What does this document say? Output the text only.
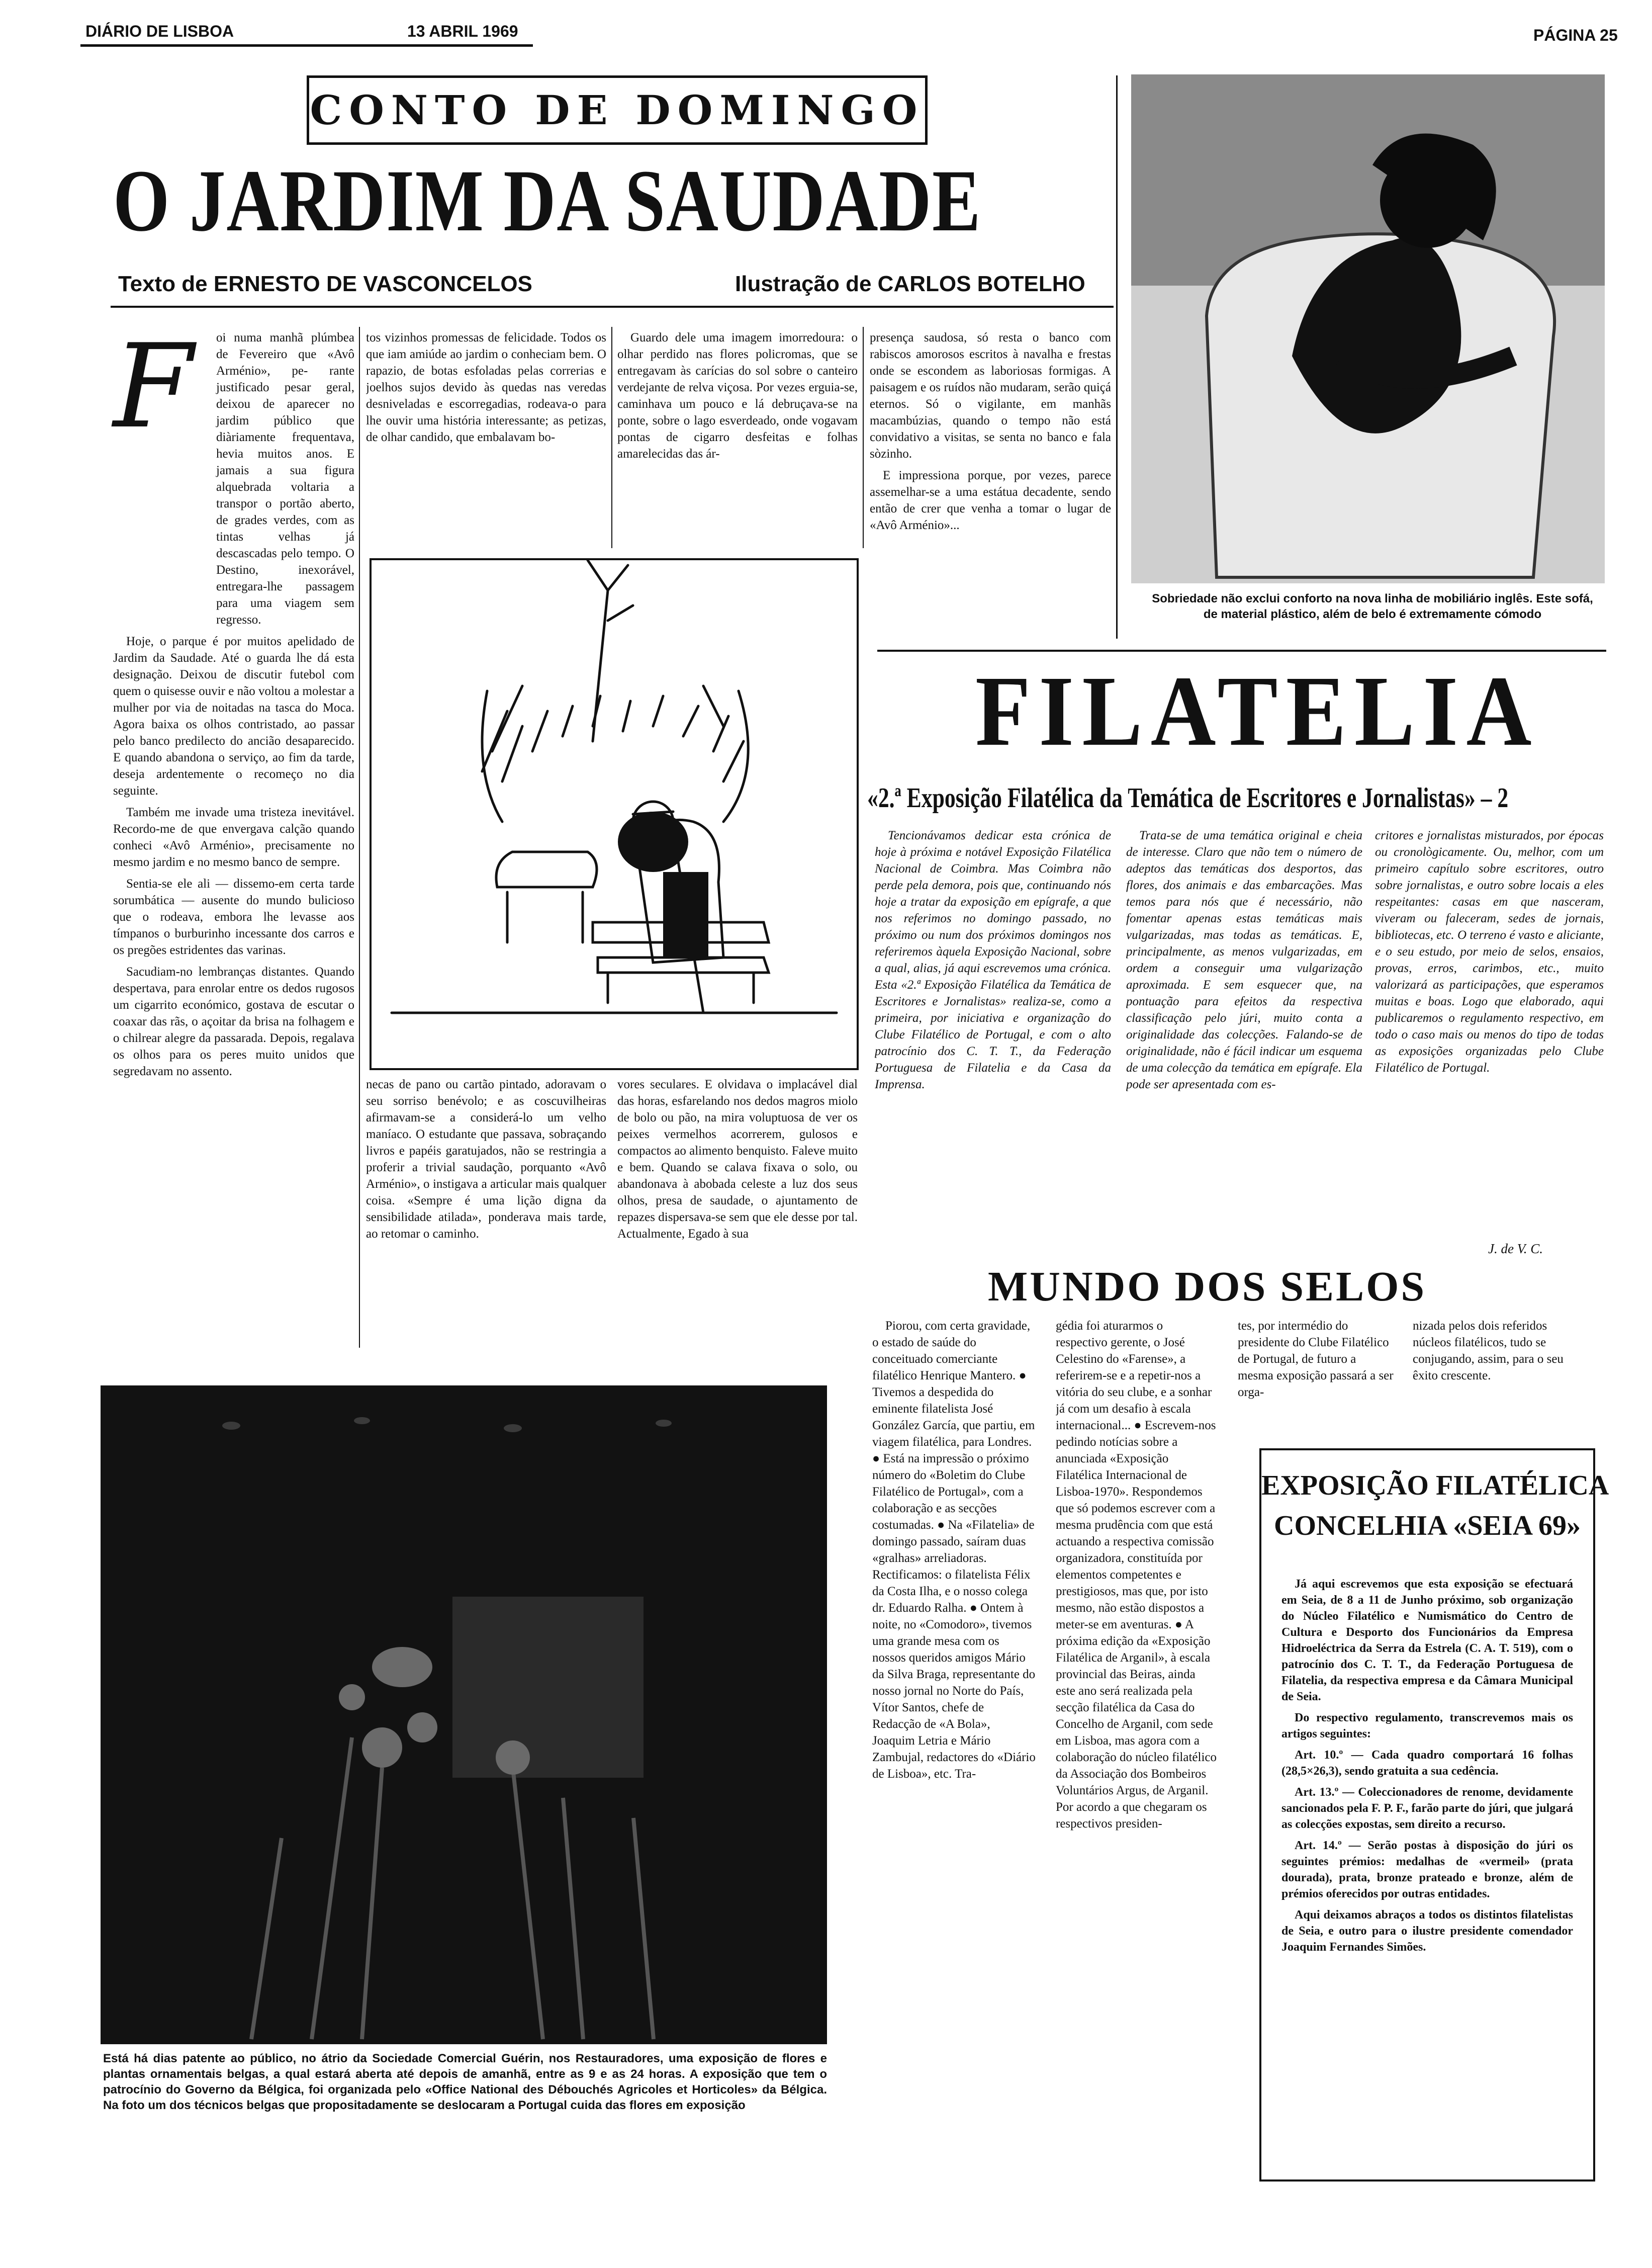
DIÁRIO DE LISBOA	13 ABRIL 1969	PÁGINA 25
CONTO DE DOMINGO
O JARDIM DA SAUDADE
Texto de ERNESTO DE VASCONCELOS	Ilustração de CARLOS BOTELHO
F	oi numa manhã plúmbea de Fevereiro que «Avô Arménio», pe- rante justificado pesar geral, deixou de aparecer no jardim público que diàriamente frequentava, hevia muitos anos. E jamais a sua figura alquebrada voltaria a transpor o portão aberto, de grades verdes, com as tintas velhas já descascadas pelo tempo. O Destino, inexorável, entregara-lhe passagem para uma viagem sem regresso.

Hoje, o parque é por muitos apelidado de Jardim da Saudade. Até o guarda lhe dá esta designação. Deixou de discutir futebol com quem o quisesse ouvir e não voltou a molestar a mulher por via de noitadas na tasca do Moca. Agora baixa os olhos contristado, ao passar pelo banco predilecto do ancião desaparecido. E quando abandona o serviço, ao fim da tarde, deseja ardentemente o recomeço no dia seguinte.

Também me invade uma tristeza inevitável. Recordo-me de que envergava calção quando conheci «Avô Arménio», precisamente no mesmo jardim e no mesmo banco de sempre.

Sentia-se ele ali — dissemo-em certa tarde sorumbática — ausente do mundo bulicioso que o rodeava, embora lhe levasse aos tímpanos o burburinho incessante dos carros e os pregões estridentes das varinas.

Sacudiam-no lembranças distantes. Quando despertava, para enrolar entre os dedos rugosos um cigarrito económico, gostava de escutar o coaxar das rãs, o açoitar da brisa na folhagem e o chilrear alegre da passarada. Depois, regalava os olhos para os peres muito unidos que segredavam no assento.

tos vizinhos promessas de felicidade. Todos os que iam amiúde ao jardim o conheciam bem. O rapazio, de botas esfoladas pelas correrias e joelhos sujos devido às quedas nas veredas desniveladas e escorregadias, rodeava-o para lhe ouvir uma história interessante; as petizas, de olhar candido, que embalavam bo-

Guardo dele uma imagem imorredoura: o olhar perdido nas flores policromas, que se entregavam às carícias do sol sobre o canteiro verdejante de relva viçosa. Por vezes erguia-se, caminhava um pouco e lá debruçava-se na ponte, sobre o lago esverdeado, onde vogavam pontas de cigarro desfeitas e folhas amarelecidas das ár-

presença saudosa, só resta o banco com rabiscos amorosos escritos à navalha e frestas onde se escondem as laboriosas formigas. A paisagem e os ruídos não mudaram, serão quiçá eternos. Só o vigilante, em manhãs macambúzias, quando o tempo não está convidativo a visitas, se senta no banco e fala sòzinho.

E impressiona porque, por vezes, parece assemelhar-se a uma estátua decadente, sendo então de crer que venha a tomar o lugar de «Avô Arménio»...

necas de pano ou cartão pintado, adoravam o seu sorriso benévolo; e as coscuvilheiras afirmavam-se a considerá-lo um velho maníaco. O estudante que passava, sobraçando livros e papéis garatujados, não se restringia a proferir a trivial saudação, porquanto «Avô Arménio», o instigava a articular mais qualquer coisa. «Sempre é uma lição digna da sensibilidade atilada», ponderava mais tarde, ao retomar o caminho.

vores seculares. E olvidava o implacável dial das horas, esfarelando nos dedos magros miolo de bolo ou pão, na mira voluptuosa de ver os peixes vermelhos acorrerem, gulosos e compactos ao alimento benquisto. Faleve muito e bem. Quando se calava fixava o solo, ou abandonava à abobada celeste a luz dos seus olhos, presa de saudade, o ajuntamento de repazes dispersava-se sem que ele desse por tal. Actualmente, Egado à sua

Sobriedade não exclui conforto na nova linha de mobiliário inglês. Este sofá, de material plástico, além de belo é extremamente cómodo
FILATELIA
«2.ª Exposição Filatélica da Temática de Escritores e Jornalistas» – 2

Tencionávamos dedicar esta crónica de hoje à próxima e notável Exposição Filatélica Nacional de Coimbra. Mas Coimbra não perde pela demora, pois que, continuando nós hoje a tratar da exposição em epígrafe, a que nos referimos no domingo passado, no próximo ou num dos próximos domingos nos referiremos àquela Exposição Nacional, sobre a qual, alias, já aqui escrevemos uma crónica. Esta «2.ª Exposição Filatélica da Temática de Escritores e Jornalistas» realiza-se, como a primeira, por iniciativa e organização do Clube Filatélico de Portugal, e com o alto patrocínio dos C. T. T., da Federação Portuguesa de Filatelia e da Casa da Imprensa.

Trata-se de uma temática original e cheia de interesse. Claro que não tem o número de adeptos das temáticas dos desportos, das flores, dos animais e das embarcações. Mas temos para nós que é necessário, não fomentar apenas estas temáticas mais vulgarizadas, mas todas as temáticas. E, principalmente, as menos vulgarizadas, em ordem a conseguir uma vulgarização aproximada. E sem esquecer que, na pontuação para efeitos da respectiva classificação pelo júri, muito conta a originalidade das colecções. Falando-se de originalidade, não é fácil indicar um esquema de uma colecção da temática em epígrafe. Ela pode ser apresentada com es-

critores e jornalistas misturados, por épocas ou cronològicamente. Ou, melhor, com um primeiro capítulo sobre escritores, outro sobre jornalistas, e outro sobre locais a eles respeitantes: casas em que nasceram, viveram ou faleceram, sedes de jornais, bibliotecas, etc. O terreno é vasto e aliciante, e o seu estudo, por meio de selos, ensaios, provas, erros, carimbos, etc., muito valorizará as participações, que esperamos muitas e boas. Logo que elaborado, aqui publicaremos o regulamento respectivo, em todo o caso mais ou menos do tipo de todas as exposições organizadas pelo Clube Filatélico de Portugal.

J. de V. C.
MUNDO DOS SELOS

Piorou, com certa gravidade, o estado de saúde do conceituado comerciante filatélico Henrique Mantero. ● Tivemos a despedida do eminente filatelista José González García, que partiu, em viagem filatélica, para Londres. ● Está na impressão o próximo número do «Boletim do Clube Filatélico de Portugal», com a colaboração e as secções costumadas. ● Na «Filatelia» de domingo passado, saíram duas «gralhas» arreliadoras. Rectificamos: o filatelista Félix da Costa Ilha, e o nosso colega dr. Eduardo Ralha. ● Ontem à noite, no «Comodoro», tivemos uma grande mesa com os nossos queridos amigos Mário da Silva Braga, representante do nosso jornal no Norte do País, Vítor Santos, chefe de Redacção de «A Bola», Joaquim Letria e Mário Zambujal, redactores do «Diário de Lisboa», etc. Tra-

gédia foi aturarmos o respectivo gerente, o José Celestino do «Farense», a referirem-se e a repetir-nos a vitória do seu clube, e a sonhar já com um desafio à escala internacional... ● Escrevem-nos pedindo notícias sobre a anunciada «Exposição Filatélica Internacional de Lisboa-1970». Respondemos que só podemos escrever com a mesma prudência com que está actuando a respectiva comissão organizadora, constituída por elementos competentes e prestigiosos, mas que, por isto mesmo, não estão dispostos a meter-se em aventuras. ● A próxima edição da «Exposição Filatélica de Arganil», à escala provincial das Beiras, ainda este ano será realizada pela secção filatélica da Casa do Concelho de Arganil, com sede em Lisboa, mas agora com a colaboração do núcleo filatélico da Associação dos Bombeiros Voluntários Argus, de Arganil. Por acordo a que chegaram os respectivos presiden-

tes, por intermédio do presidente do Clube Filatélico de Portugal, de futuro a mesma exposição passará a ser orga-

nizada pelos dois referidos núcleos filatélicos, tudo se conjugando, assim, para o seu êxito crescente.

EXPOSIÇÃO FILATÉLICA
CONCELHIA «SEIA 69»

Já aqui escrevemos que esta exposição se efectuará em Seia, de 8 a 11 de Junho próximo, sob organização do Núcleo Filatélico e Numismático do Centro de Cultura e Desporto dos Funcionários da Empresa Hidroeléctrica da Serra da Estrela (C. A. T. 519), com o patrocínio dos C. T. T., da Federação Portuguesa de Filatelia, da respectiva empresa e da Câmara Municipal de Seia.

Do respectivo regulamento, transcrevemos mais os artigos seguintes:

Art. 10.º — Cada quadro comportará 16 folhas (28,5×26,3), sendo gratuita a sua cedência.

Art. 13.º — Coleccionadores de renome, devidamente sancionados pela F. P. F., farão parte do júri, que julgará as colecções expostas, sem direito a recurso.

Art. 14.º — Serão postas à disposição do júri os seguintes prémios: medalhas de «vermeil» (prata dourada), prata, bronze prateado e bronze, além de prémios oferecidos por outras entidades.

Aqui deixamos abraços a todos os distintos filatelistas de Seia, e outro para o ilustre presidente comendador Joaquim Fernandes Simões.

Está há dias patente ao público, no átrio da Sociedade Comercial Guérin, nos Restauradores, uma exposição de flores e plantas ornamentais belgas, a qual estará aberta até depois de amanhã, entre as 9 e as 24 horas. A exposição que tem o patrocínio do Governo da Bélgica, foi organizada pelo «Office National des Débouchés Agricoles et Horticoles» da Bélgica. Na foto um dos técnicos belgas que propositadamente se deslocaram a Portugal cuida das flores em exposição
